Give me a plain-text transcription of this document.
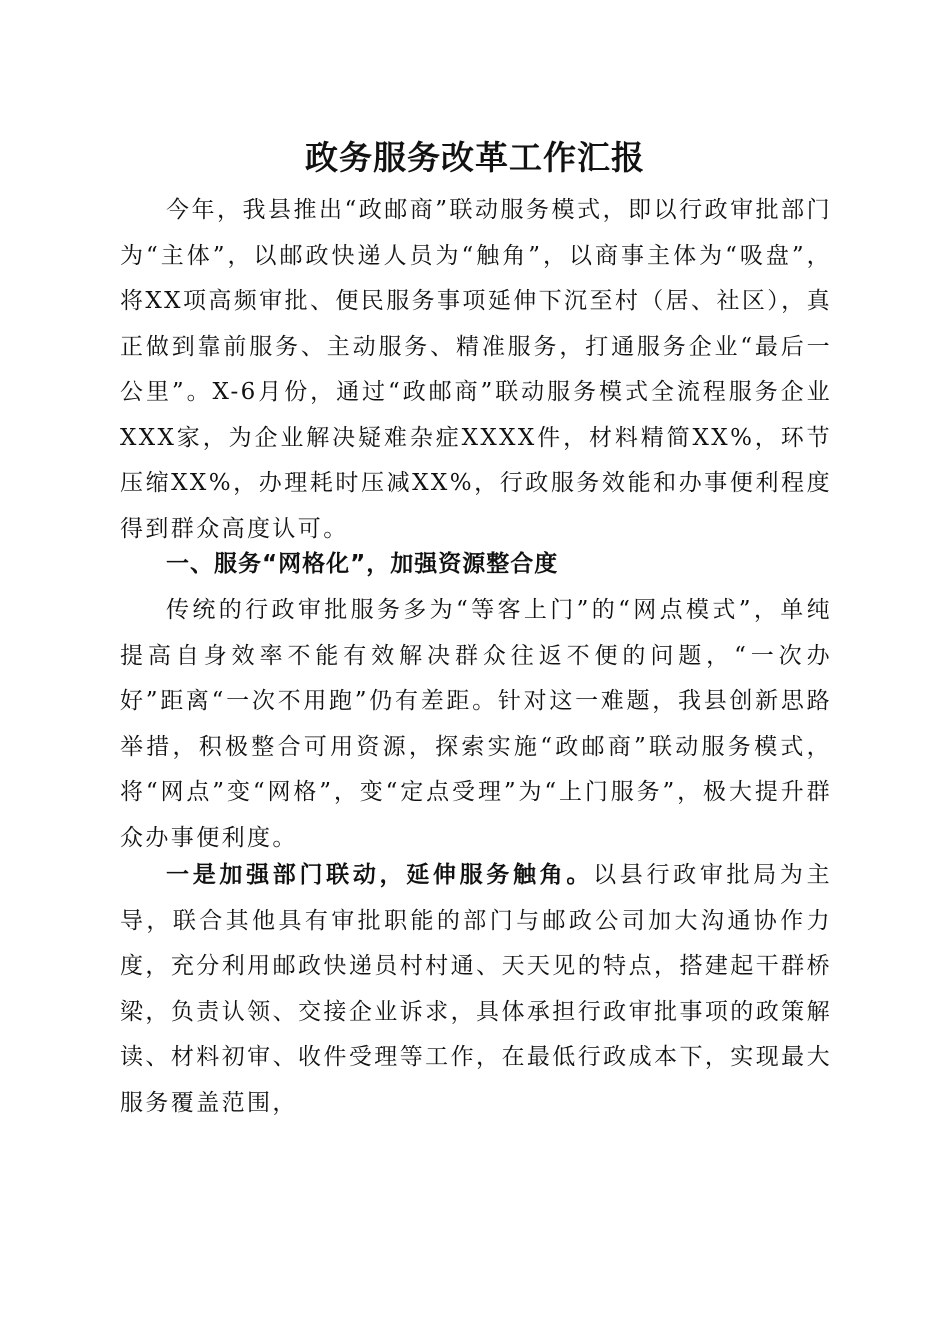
政务服务改革工作汇报

今年，我县推出“政邮商”联动服务模式，即以行政审批部门为“主体”，以邮政快递人员为“触角”，以商事主体为“吸盘”，将XX项高频审批、便民服务事项延伸下沉至村（居、社区），真正做到靠前服务、主动服务、精准服务，打通服务企业“最后一公里”。X-6月份，通过“政邮商”联动服务模式全流程服务企业XXX家，为企业解决疑难杂症XXXX件，材料精简XX%，环节压缩XX%，办理耗时压减XX%，行政服务效能和办事便利程度得到群众高度认可。

一、服务“网格化”，加强资源整合度

传统的行政审批服务多为“等客上门”的“网点模式”，单纯提高自身效率不能有效解决群众往返不便的问题，“一次办好”距离“一次不用跑”仍有差距。针对这一难题，我县创新思路举措，积极整合可用资源，探索实施“政邮商”联动服务模式，将“网点”变“网格”，变“定点受理”为“上门服务”，极大提升群众办事便利度。

一是加强部门联动，延伸服务触角。以县行政审批局为主导，联合其他具有审批职能的部门与邮政公司加大沟通协作力度，充分利用邮政快递员村村通、天天见的特点，搭建起干群桥梁，负责认领、交接企业诉求，具体承担行政审批事项的政策解读、材料初审、收件受理等工作，在最低行政成本下，实现最大服务覆盖范围，
